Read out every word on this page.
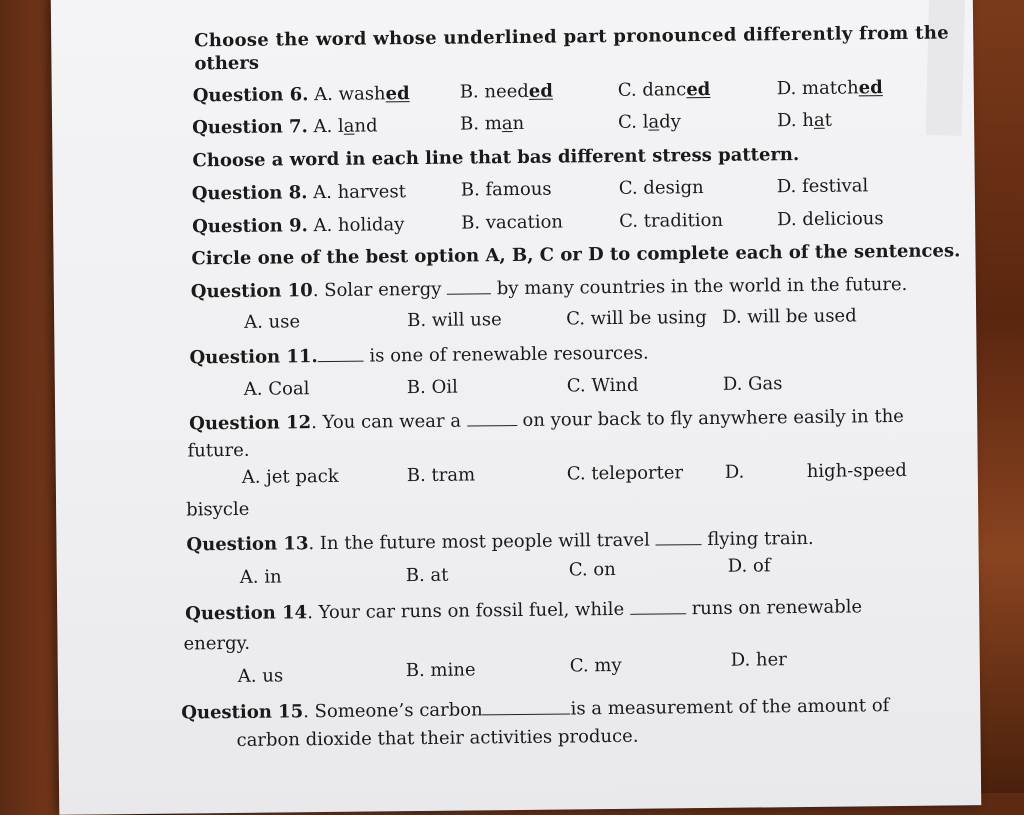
Choose the word whose underlined part pronounced differently from the
others
Question 6. A. washed	B. needed	C. danced	D. matched
Question 7. A. land	B. man	C. lady	D. hat
Choose a word in each line that bas different stress pattern.
Question 8. A. harvest	B. famous	C. design	D. festival
Question 9. A. holiday	B. vacation	C. tradition	D. delicious
Circle one of the best option A, B, C or D to complete each of the sentences.
Question 10. Solar energy	by many countries in the world in the future.
A. use	B. will use	C. will be using D. will be used
Question 11.	is one of renewable resources.
A. Coal	B. Oil	C. Wind	D. Gas
Question 12. You can wear a	on your back to fly anywhere easily in the
future.
A. jet pack	B. tram	C. teleporter D.	high-speed
bisycle
Question 13. In the future most people will travel	flying train.
A. in	B. at	C. on	D. of
Question 14. Your car runs on fossil fuel, while	runs on renewable
energy.
A. us	B. mine	C. my	D. her
Question 15. Someone’s carbon	is a measurement of the amount of
carbon dioxide that their activities produce.
